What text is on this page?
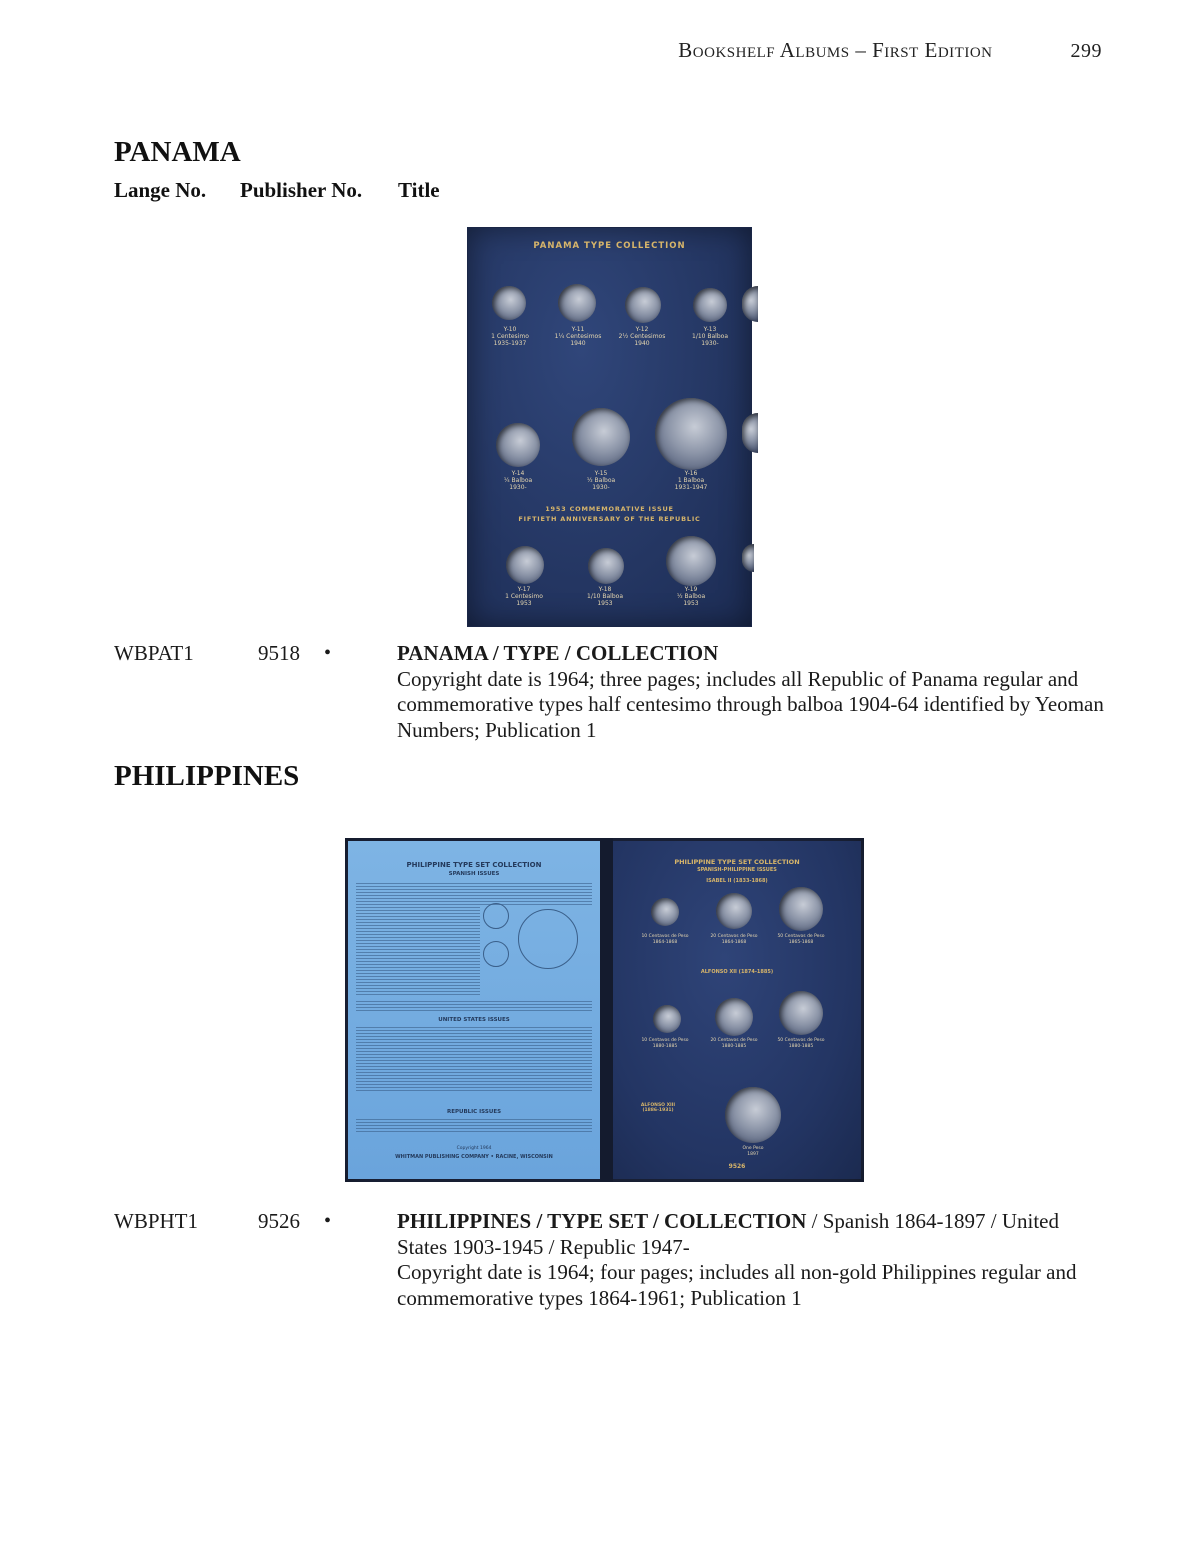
Bookshelf Albums – First Edition	299
PANAMA
Lange No. Publisher No. Title
PANAMA TYPE COLLECTION
Y-10
1 Centesimo
1935-1937
Y-11
1¼ Centesimos
1940
Y-12
2½ Centesimos
1940
Y-13
1/10 Balboa
1930-
Y-14
¼ Balboa
1930-
Y-15
½ Balboa
1930-
Y-16
1 Balboa
1931-1947
1953 COMMEMORATIVE ISSUE
FIFTIETH ANNIVERSARY OF THE REPUBLIC
Y-17
1 Centesimo
1953
Y-18
1/10 Balboa
1953
Y-19
½ Balboa
1953
WBPAT1	9518 •	PANAMA / TYPE / COLLECTION
Copyright date is 1964; three pages; includes all Republic of Panama regular and commemorative types half centesimo through balboa 1904-64 identified by Yeoman Numbers; Publication 1
PHILIPPINES
PHILIPPINE TYPE SET COLLECTION
SPANISH ISSUES
UNITED STATES ISSUES
REPUBLIC ISSUES
Copyright 1964
WHITMAN PUBLISHING COMPANY • RACINE, WISCONSIN
PHILIPPINE TYPE SET COLLECTION
SPANISH-PHILIPPINE ISSUES
ISABEL II (1833-1868)
10 Centavos de Peso
1864-1868
20 Centavos de Peso
1864-1868
50 Centavos de Peso
1865-1868
ALFONSO XII (1874-1885)
10 Centavos de Peso
1880-1885
20 Centavos de Peso
1880-1885
50 Centavos de Peso
1880-1885
ALFONSO XIII (1886-1931)
One Peso
1897
9526
WBPHT1	9526 •	PHILIPPINES / TYPE SET / COLLECTION / Spanish 1864-1897 / United States 1903-1945 / Republic 1947-
Copyright date is 1964; four pages; includes all non-gold Philippines regular and commemorative types 1864-1961; Publication 1
